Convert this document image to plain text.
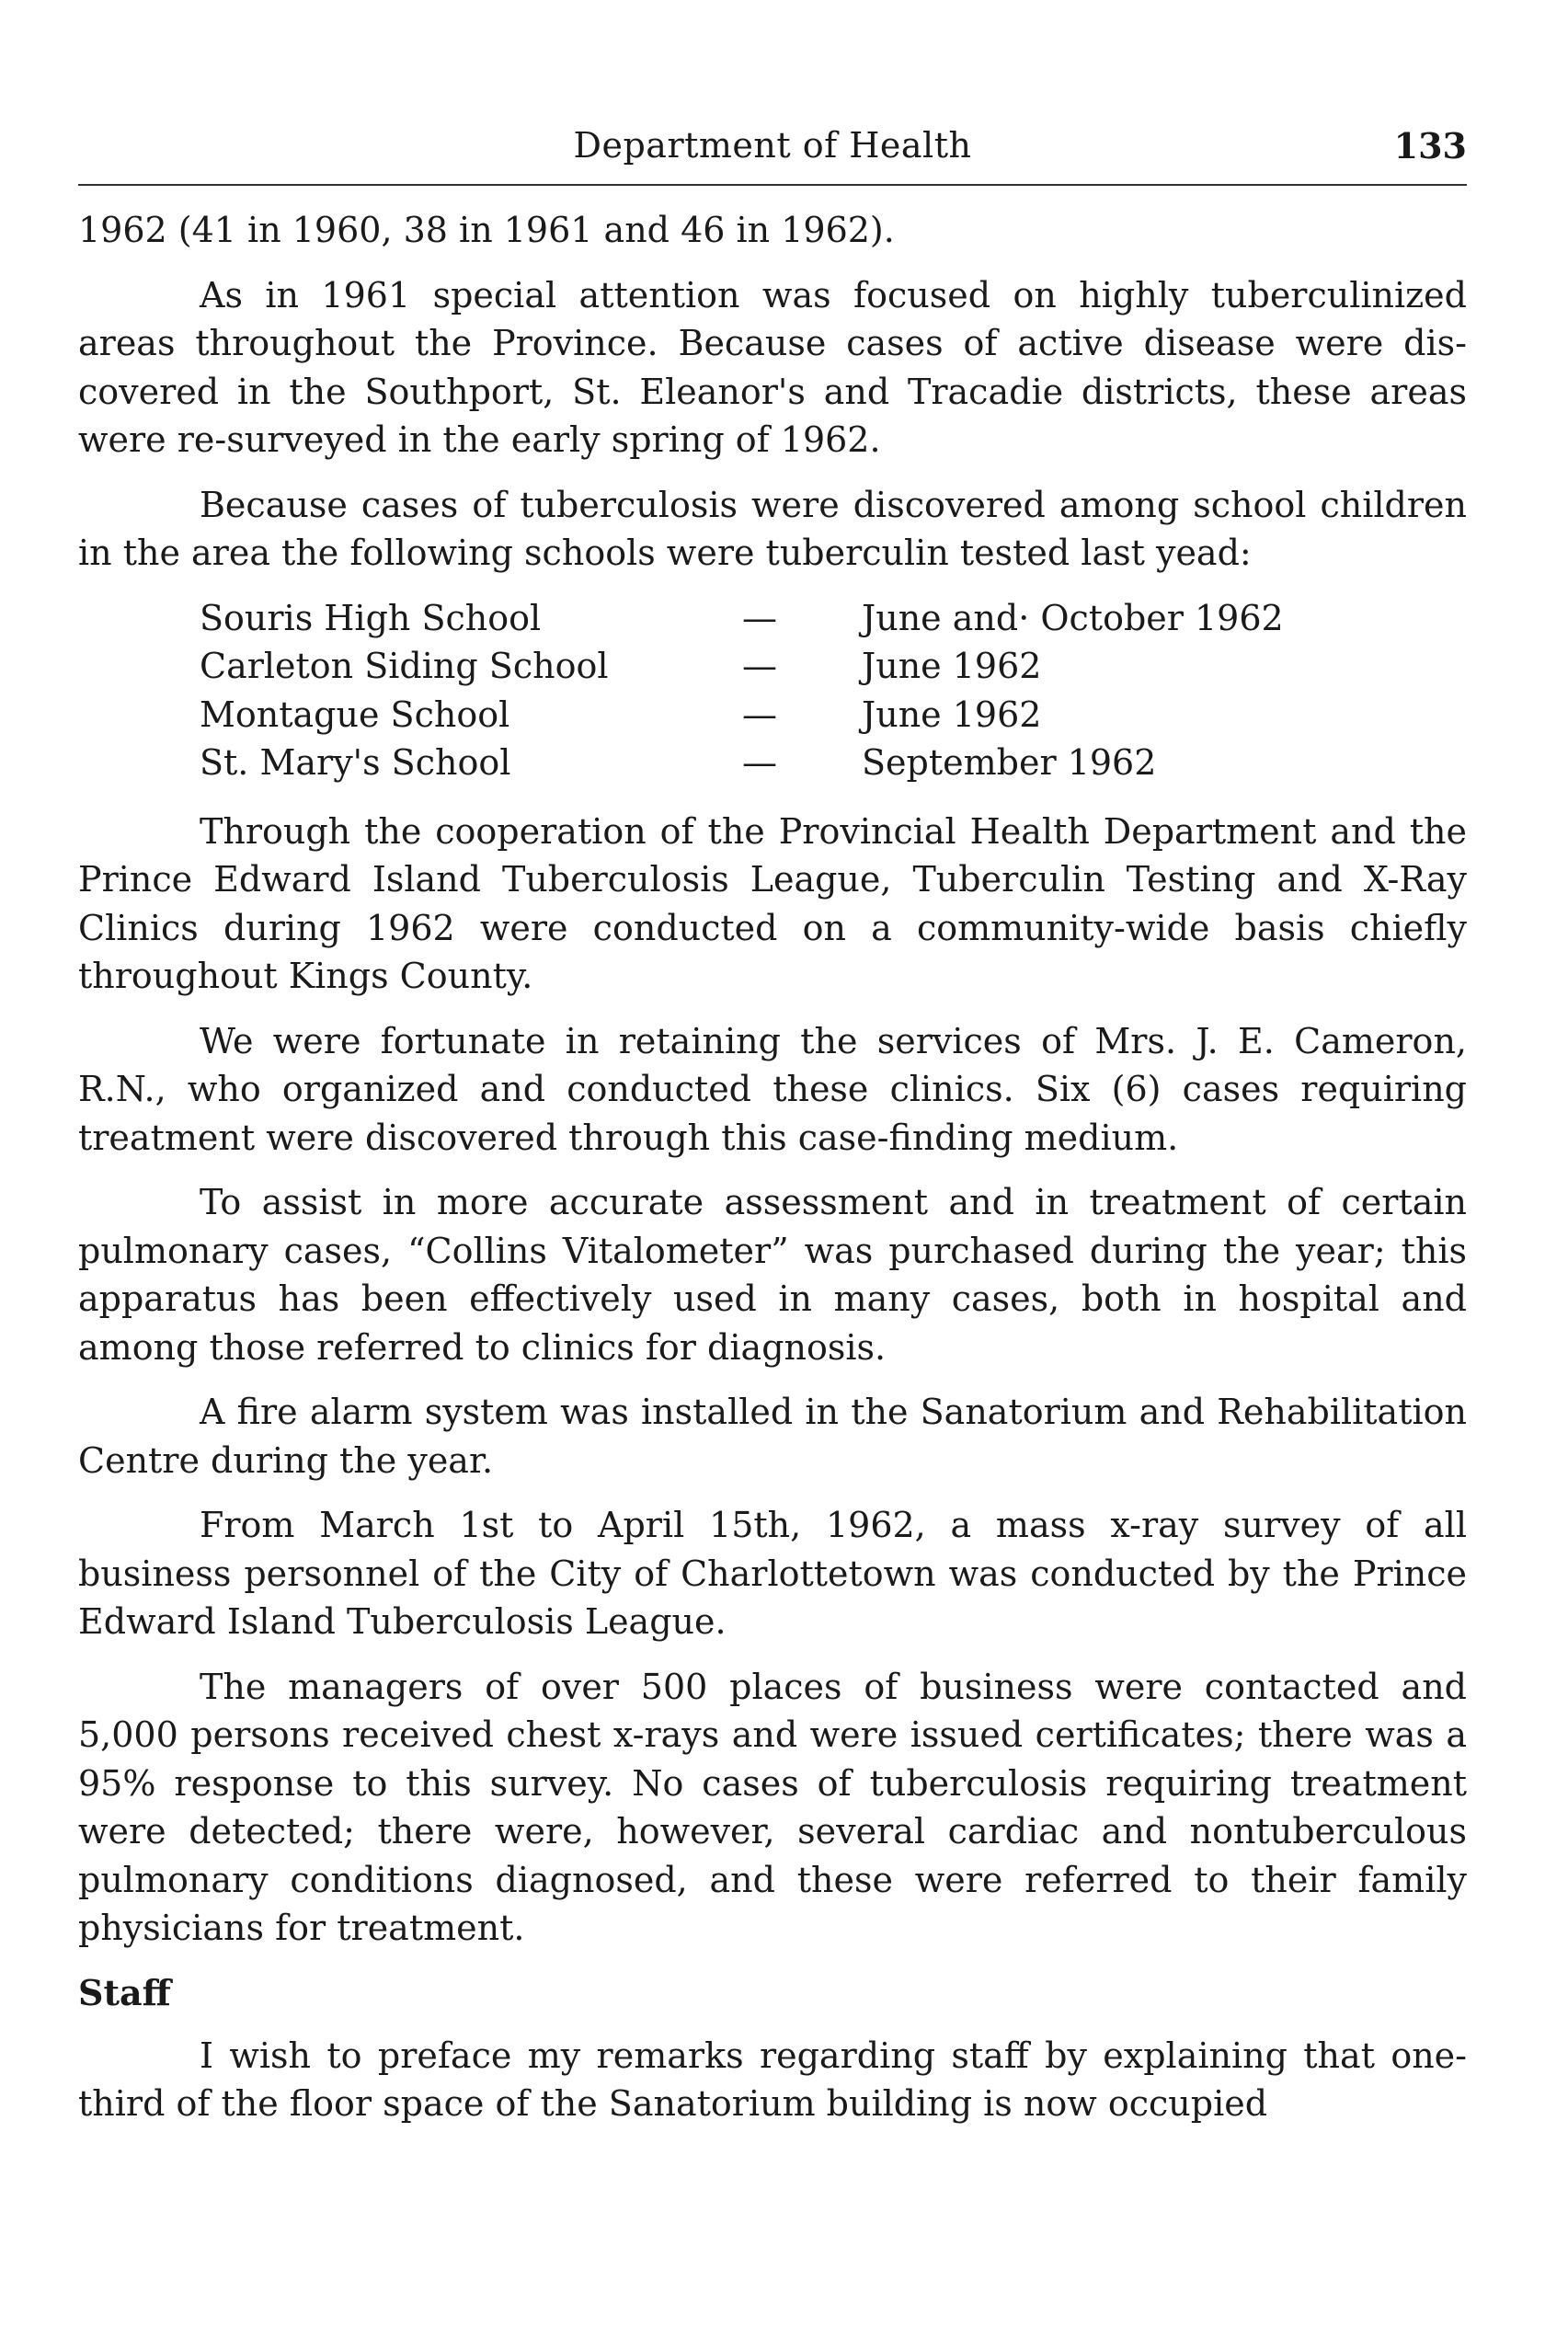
Department of Health	133

1962 (41 in 1960, 38 in 1961 and 46 in 1962).

As in 1961 special attention was focused on highly tuberculinized areas throughout the Province. Because cases of active disease were discovered in the Southport, St. Eleanor's and Tracadie districts, these areas were re-surveyed in the early spring of 1962.

Because cases of tuberculosis were discovered among school children in the area the following schools were tuberculin tested last yead:

Souris High School	—	June and· October 1962
Carleton Siding School	—	June 1962
Montague School	—	June 1962
St. Mary's School	—	September 1962

Through the cooperation of the Provincial Health Department and the Prince Edward Island Tuberculosis League, Tuberculin Testing and X-Ray Clinics during 1962 were conducted on a community-wide basis chiefly throughout Kings County.

We were fortunate in retaining the services of Mrs. J. E. Cameron, R.N., who organized and conducted these clinics. Six (6) cases requiring treatment were discovered through this case-finding medium.

To assist in more accurate assessment and in treatment of certain pulmonary cases, “Collins Vitalometer” was purchased during the year; this apparatus has been effectively used in many cases, both in hospital and among those referred to clinics for diagnosis.

A fire alarm system was installed in the Sanatorium and Rehabilitation Centre during the year.

From March 1st to April 15th, 1962, a mass x-ray survey of all business personnel of the City of Charlottetown was conducted by the Prince Edward Island Tuberculosis League.

The managers of over 500 places of business were contacted and 5,000 persons received chest x-rays and were issued certificates; there was a 95% response to this survey. No cases of tuberculosis requiring treatment were detected; there were, however, several cardiac and nontuberculous pulmonary conditions diagnosed, and these were referred to their family physicians for treatment.

Staff

I wish to preface my remarks regarding staff by explaining that one-third of the floor space of the Sanatorium building is now occupied
